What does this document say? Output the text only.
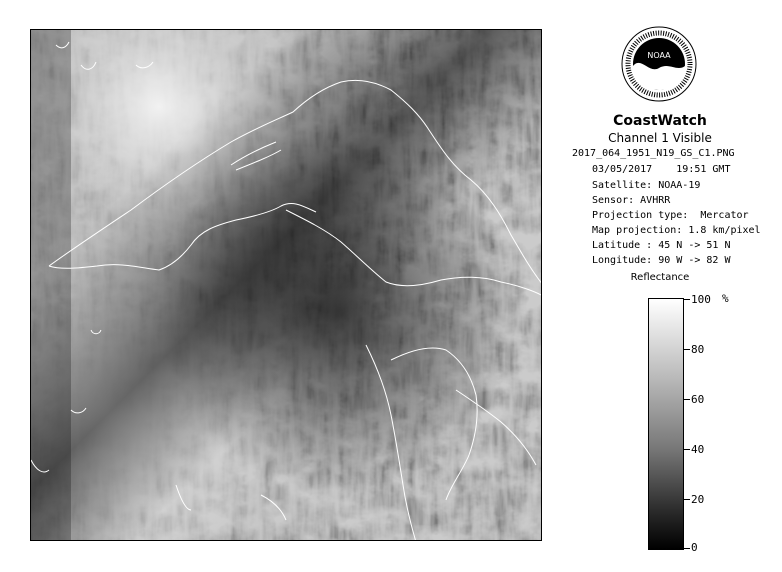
NOAA
CoastWatch
Channel 1 Visible
2017_064_1951_N19_GS_C1.PNG
03/05/2017    19:51 GMT
Satellite: NOAA-19
Sensor: AVHRR
Projection type:  Mercator
Map projection: 1.8 km/pixel
Latitude : 45 N -> 51 N
Longitude: 90 W -> 82 W
Reflectance
%
100
80
60
40
20
0
